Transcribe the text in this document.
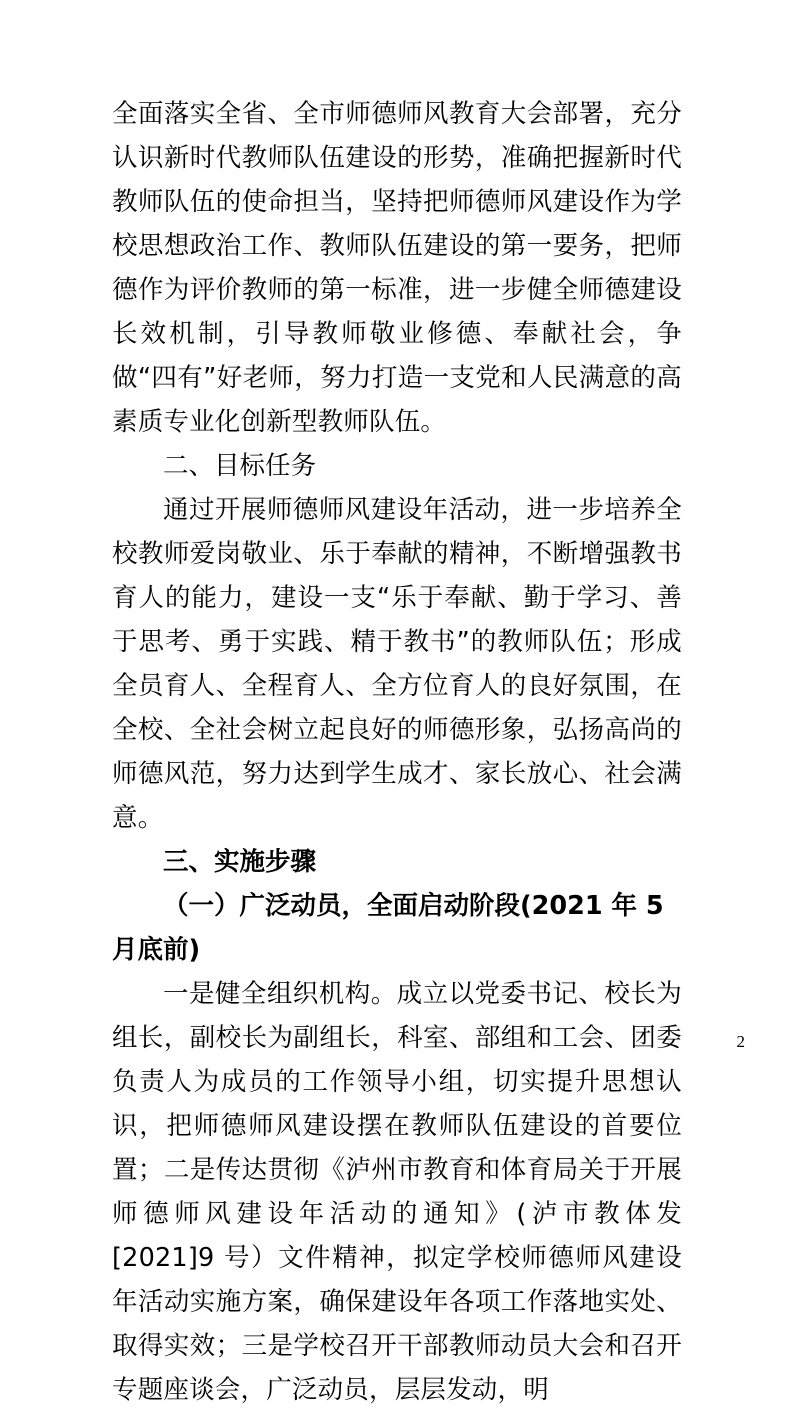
全面落实全省、全市师德师风教育大会部署，充分认识新时代教师队伍建设的形势，准确把握新时代教师队伍的使命担当，坚持把师德师风建设作为学校思想政治工作、教师队伍建设的第一要务，把师德作为评价教师的第一标准，进一步健全师德建设长效机制，引导教师敬业修德、奉献社会，争做“四有”好老师，努力打造一支党和人民满意的高素质专业化创新型教师队伍。

二、目标任务

通过开展师德师风建设年活动，进一步培养全校教师爱岗敬业、乐于奉献的精神，不断增强教书育人的能力，建设一支“乐于奉献、勤于学习、善于思考、勇于实践、精于教书”的教师队伍；形成全员育人、全程育人、全方位育人的良好氛围，在全校、全社会树立起良好的师德形象，弘扬高尚的师德风范，努力达到学生成才、家长放心、社会满意。

三、实施步骤

（一）广泛动员，全面启动阶段(2021 年 5 月底前)

一是健全组织机构。成立以党委书记、校长为组长，副校长为副组长，科室、部组和工会、团委负责人为成员的工作领导小组，切实提升思想认识，把师德师风建设摆在教师队伍建设的首要位置；二是传达贯彻《泸州市教育和体育局关于开展师德师风建设年活动的通知》(泸市教体发[2021]9 号）文件精神，拟定学校师德师风建设年活动实施方案，确保建设年各项工作落地实处、取得实效；三是学校召开干部教师动员大会和召开专题座谈会，广泛动员，层层发动，明

2
